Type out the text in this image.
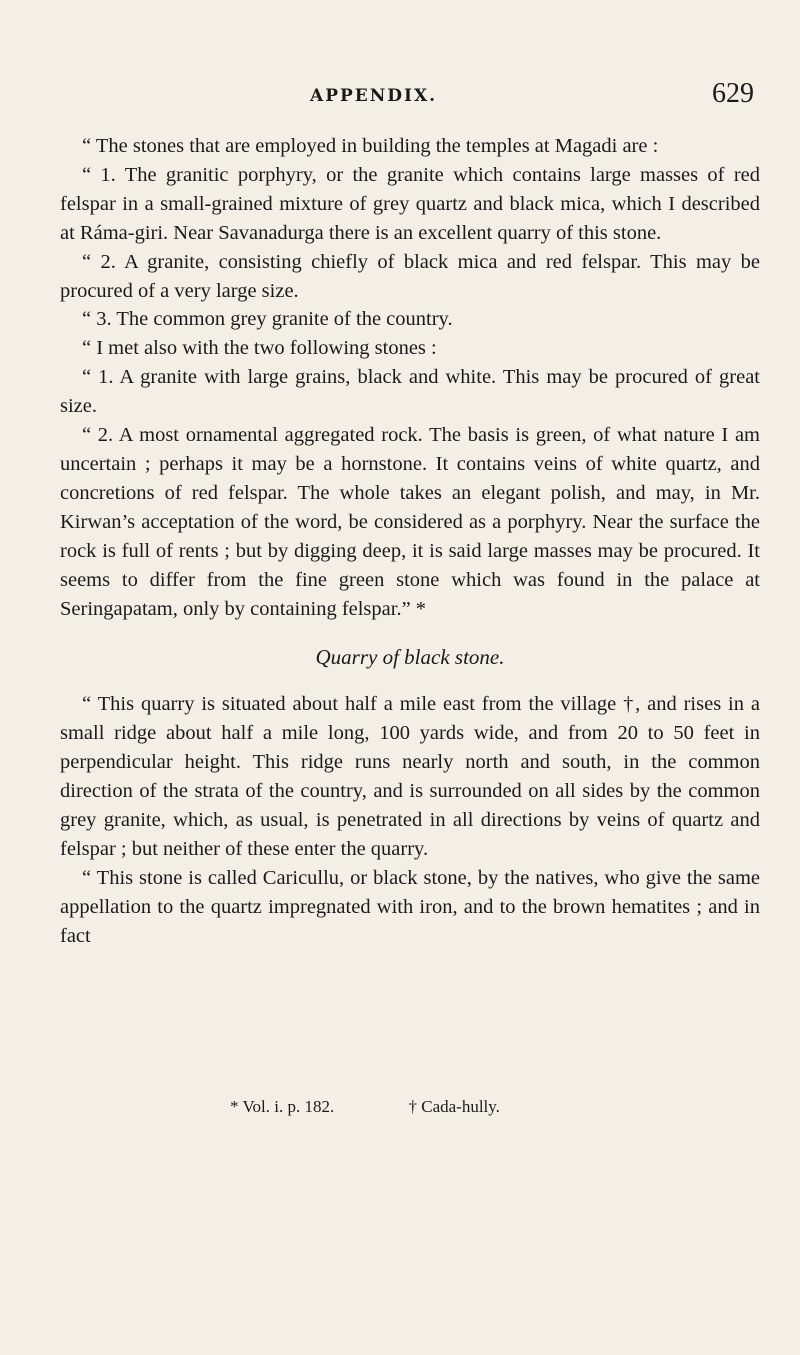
APPENDIX.	629

“ The stones that are employed in building the temples at Magadi are :

“ 1. The granitic porphyry, or the granite which contains large masses of red felspar in a small-grained mixture of grey quartz and black mica, which I described at Ráma-giri. Near Savanadurga there is an excellent quarry of this stone.

“ 2. A granite, consisting chiefly of black mica and red felspar. This may be procured of a very large size.

“ 3. The common grey granite of the country.

“ I met also with the two following stones :

“ 1. A granite with large grains, black and white. This may be procured of great size.

“ 2. A most ornamental aggregated rock. The basis is green, of what nature I am uncertain ; perhaps it may be a hornstone. It contains veins of white quartz, and concretions of red felspar. The whole takes an elegant polish, and may, in Mr. Kirwan’s acceptation of the word, be considered as a porphyry. Near the surface the rock is full of rents ; but by digging deep, it is said large masses may be procured. It seems to differ from the fine green stone which was found in the palace at Seringapatam, only by containing felspar.” *

Quarry of black stone.

“ This quarry is situated about half a mile east from the village †, and rises in a small ridge about half a mile long, 100 yards wide, and from 20 to 50 feet in perpendicular height. This ridge runs nearly north and south, in the common direction of the strata of the country, and is surrounded on all sides by the common grey granite, which, as usual, is penetrated in all directions by veins of quartz and felspar ; but neither of these enter the quarry.

“ This stone is called Caricullu, or black stone, by the natives, who give the same appellation to the quartz impregnated with iron, and to the brown hematites ; and in fact

* Vol. i. p. 182.	† Cada-hully.
